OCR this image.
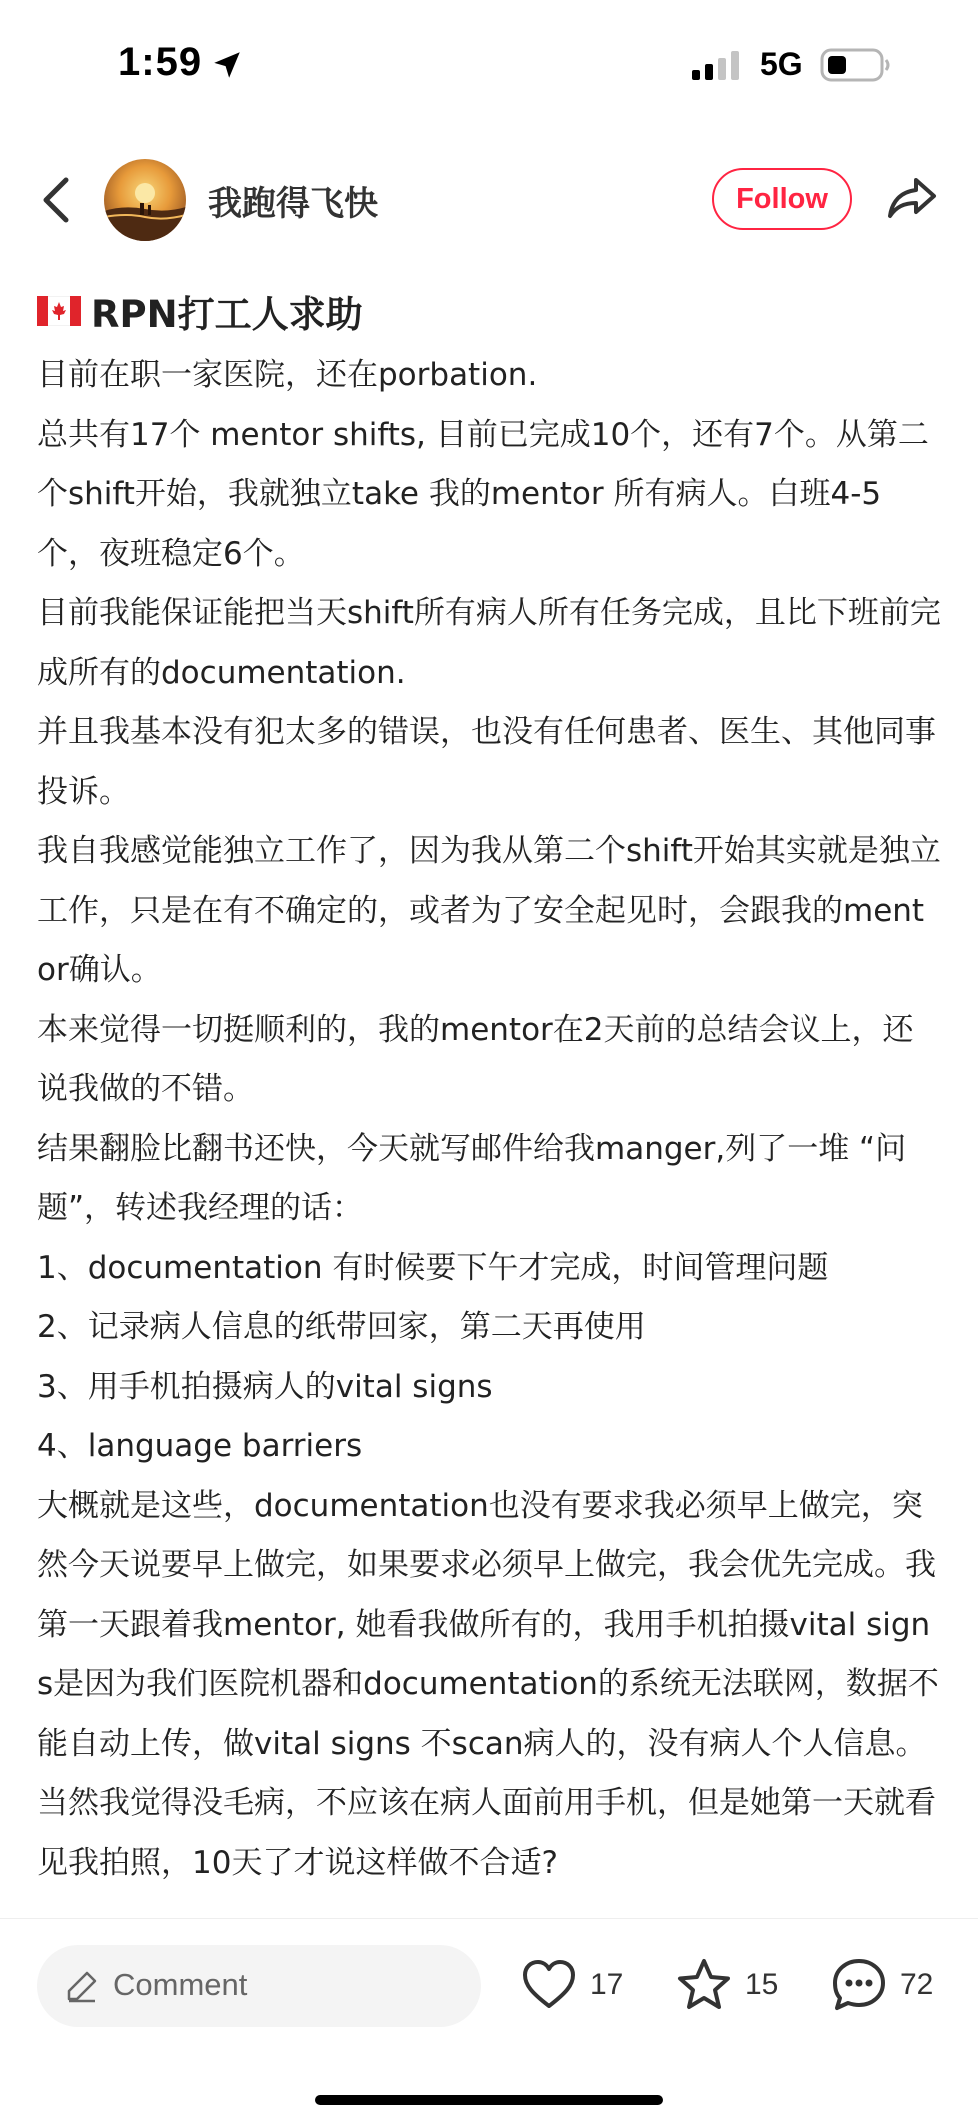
1:59	5G
我跑得飞快	Follow
RPN打工人求助

目前在职一家医院，还在porbation.

总共有17个 mentor shifts, 目前已完成10个，还有7个。从第二个shift开始，我就独立take 我的mentor 所有病人。白班4-5个，夜班稳定6个。

目前我能保证能把当天shift所有病人所有任务完成，且比下班前完成所有的documentation.

并且我基本没有犯太多的错误，也没有任何患者、医生、其他同事投诉。

我自我感觉能独立工作了，因为我从第二个shift开始其实就是独立工作，只是在有不确定的，或者为了安全起见时，会跟我的mentor确认。

本来觉得一切挺顺利的，我的mentor在2天前的总结会议上，还说我做的不错。

结果翻脸比翻书还快，今天就写邮件给我manger,列了一堆 “问题”，转述我经理的话：

1、documentation 有时候要下午才完成，时间管理问题

2、记录病人信息的纸带回家，第二天再使用

3、用手机拍摄病人的vital signs

4、language barriers

大概就是这些，documentation也没有要求我必须早上做完，突然今天说要早上做完，如果要求必须早上做完，我会优先完成。我第一天跟着我mentor, 她看我做所有的，我用手机拍摄vital signs是因为我们医院机器和documentation的系统无法联网，数据不能自动上传，做vital signs 不scan病人的，没有病人个人信息。当然我觉得没毛病，不应该在病人面前用手机，但是她第一天就看见我拍照，10天了才说这样做不合适?

Comment	17	15	72
